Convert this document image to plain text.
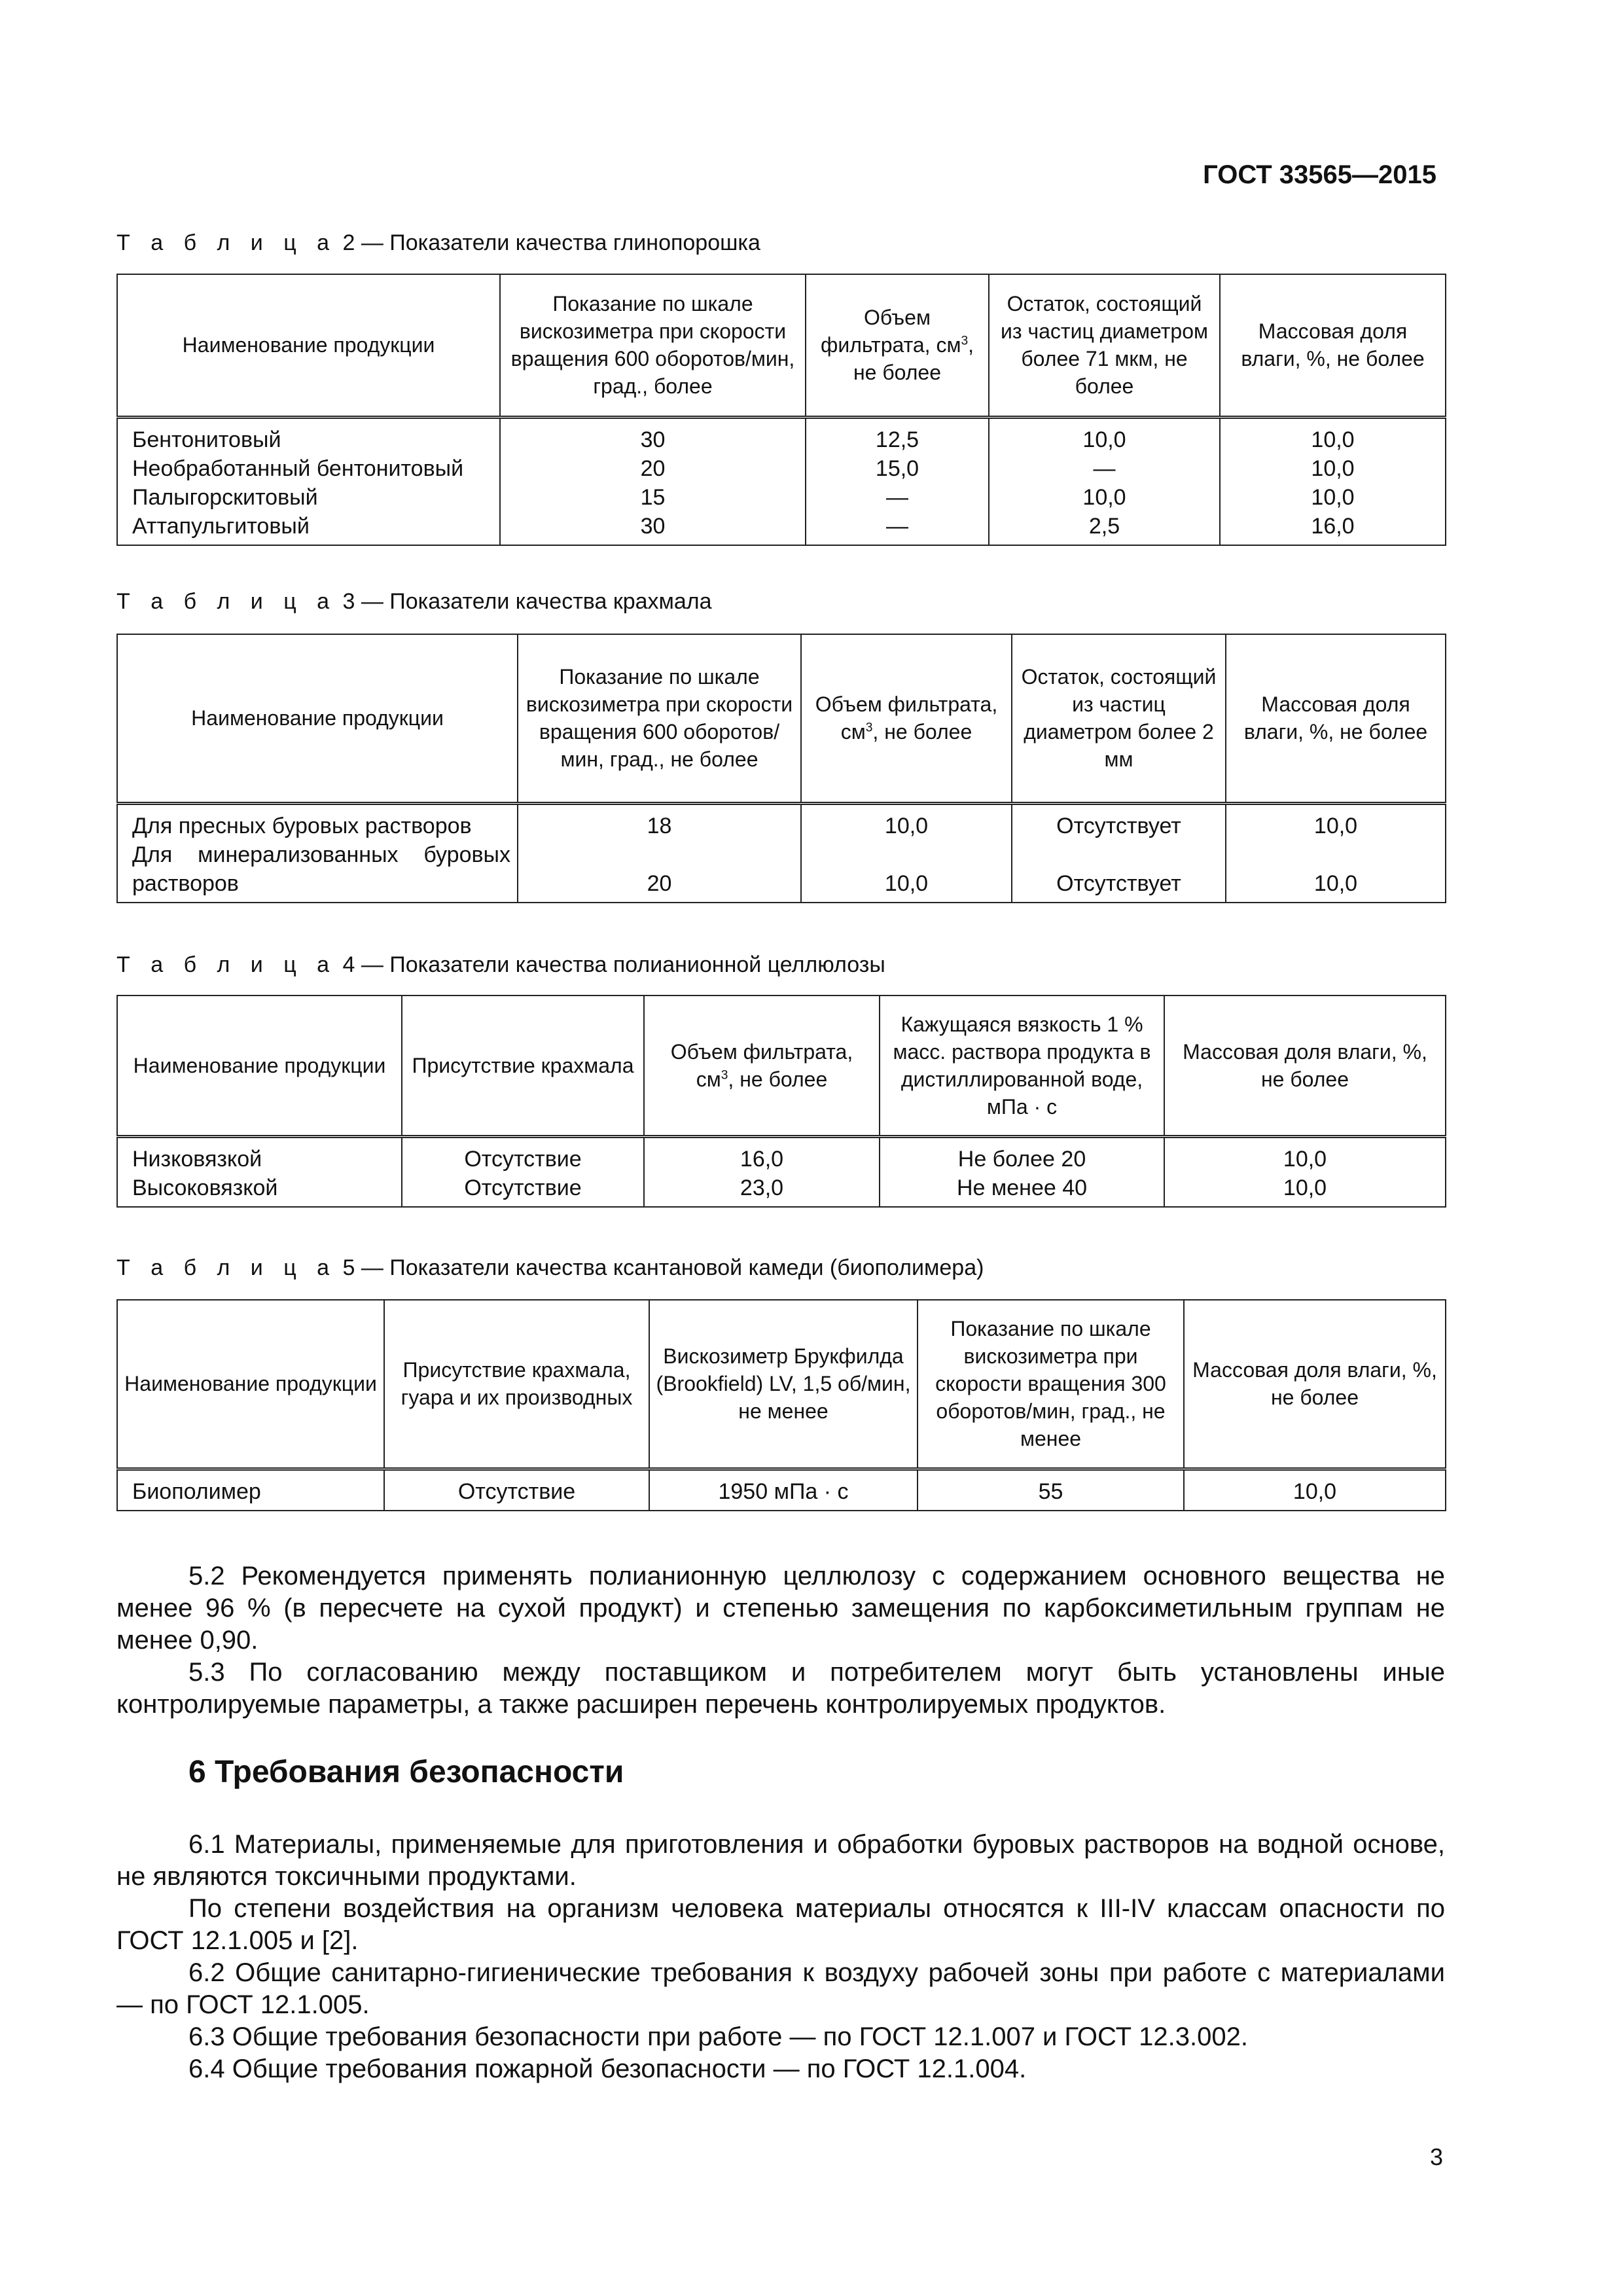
ГОСТ 33565—2015
Т а б л и ц а 2 — Показатели качества глинопорошка
Наименование продукции	Показание по шкале вискозиметра при скорости вращения 600 оборотов/мин, град., более	Объем фильтрата, $см^3$, не более	Остаток, состоящий из частиц диаметром более 71 мкм, не более	Массовая доля влаги, %, не более
Бентонитовый	30	12,5	10,0	10,0
Необработанный бентонитовый	20	15,0	—	10,0
Палыгорскитовый	15	—	10,0	10,0
Аттапульгитовый	30	—	2,5	16,0
Т а б л и ц а 3 — Показатели качества крахмала
Наименование продукции	Показание по шкале вискозиметра при скорости вращения 600 оборотов/мин, град., не более	Объем фильтрата, $см^3$, не более	Остаток, состоящий из частиц диаметром более 2 мм	Массовая доля влаги, %, не более
Для пресных буровых растворов	18	10,0	Отсутствует	10,0
Для минерализованных буровых растворов	20	10,0	Отсутствует	10,0
Т а б л и ц а 4 — Показатели качества полианионной целлюлозы
Наименование продукции	Присутствие крахмала	Объем фильтрата, $см^3$, не более	Кажущаяся вязкость 1 % масс. раствора продукта в дистиллированной воде, мПа · с	Массовая доля влаги, %, не более
Низковязкой	Отсутствие	16,0	Не более 20	10,0
Высоковязкой	Отсутствие	23,0	Не менее 40	10,0
Т а б л и ц а 5 — Показатели качества ксантановой камеди (биополимера)
Наименование продукции	Присутствие крахмала, гуара и их производных	Вискозиметр Брукфилда (Brookfield) LV, 1,5 об/мин, не менее	Показание по шкале вискозиметра при скорости вращения 300 оборотов/мин, град., не менее	Массовая доля влаги, %, не более
Биополимер	Отсутствие	1950 мПа · с	55	10,0

5.2 Рекомендуется применять полианионную целлюлозу с содержанием основного вещества не менее 96 % (в пересчете на сухой продукт) и степенью замещения по карбоксиметильным группам не менее 0,90.

5.3 По согласованию между поставщиком и потребителем могут быть установлены иные контролируемые параметры, а также расширен перечень контролируемых продуктов.

6 Требования безопасности

6.1 Материалы, применяемые для приготовления и обработки буровых растворов на водной основе, не являются токсичными продуктами.

По степени воздействия на организм человека материалы относятся к III-IV классам опасности по ГОСТ 12.1.005 и [2].

6.2 Общие санитарно-гигиенические требования к воздуху рабочей зоны при работе с материалами — по ГОСТ 12.1.005.

6.3 Общие требования безопасности при работе — по ГОСТ 12.1.007 и ГОСТ 12.3.002.

6.4 Общие требования пожарной безопасности — по ГОСТ 12.1.004.

3
